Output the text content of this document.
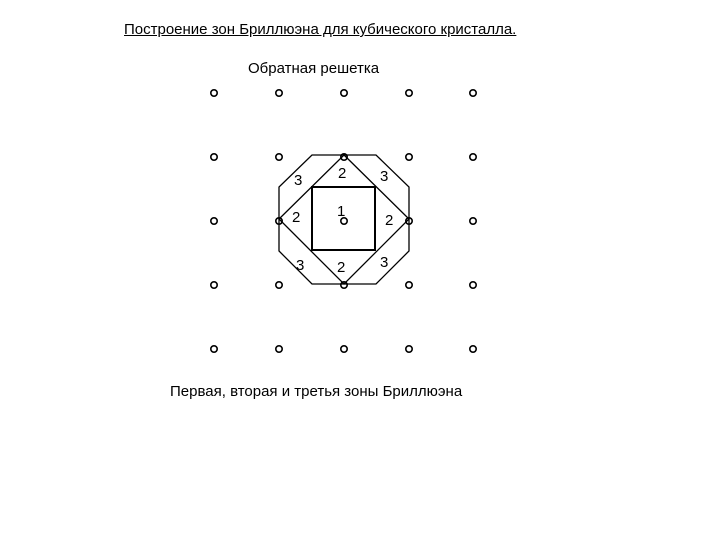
Построение зон Бриллюэна для кубического кристалла.
Обратная решетка
1
2
2	2
2
3	3
3	3
Первая, вторая и третья зоны Бриллюэна
